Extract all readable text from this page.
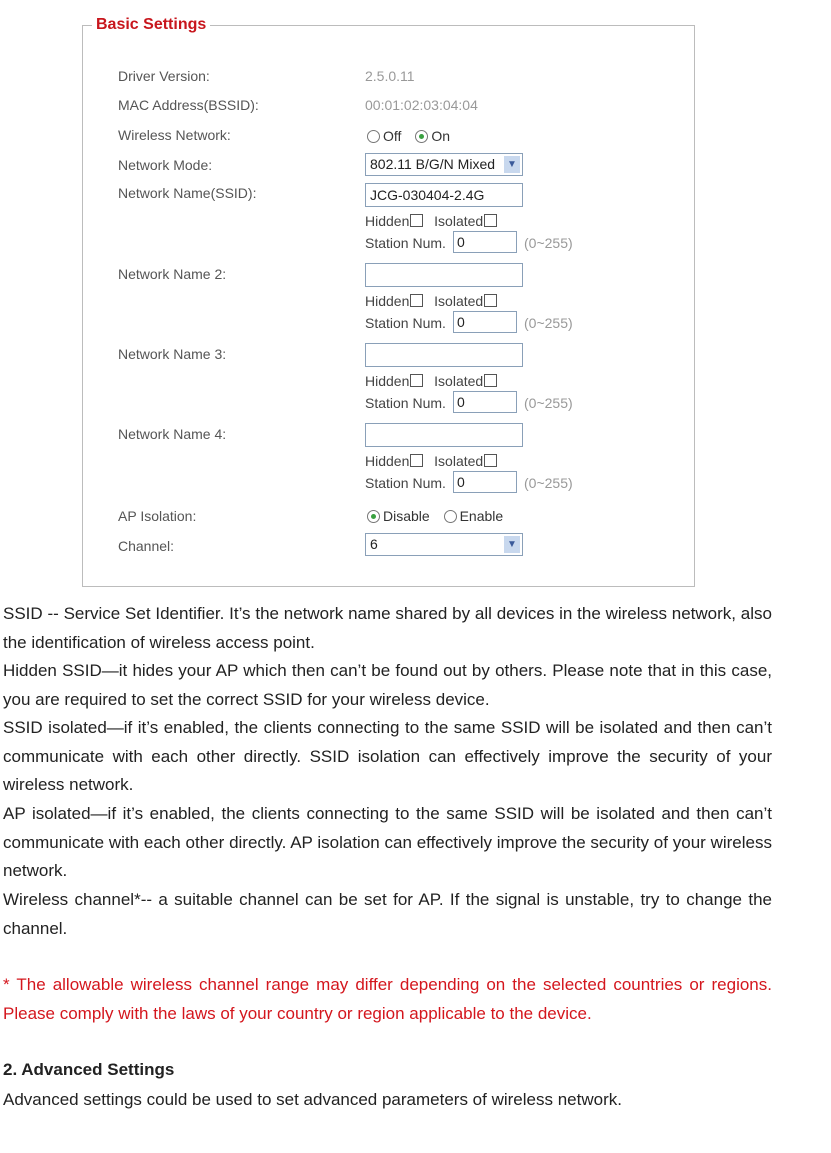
Basic Settings
Driver Version:	2.5.0.11
MAC Address(BSSID):	00:01:02:03:04:04
Wireless Network:	Off On
Network Mode:	802.11 B/G/N Mixed	▼
Network Name(SSID):	JCG-030404-2.4G
Hidden Isolated
Station Num. 0	(0~255)
Network Name 2:
Hidden Isolated
Station Num. 0	(0~255)
Network Name 3:
Hidden Isolated
Station Num. 0	(0~255)
Network Name 4:
Hidden Isolated
Station Num. 0	(0~255)
AP Isolation:	Disable Enable
Channel:	6	▼

SSID -- Service Set Identifier. It’s the network name shared by all devices in the wireless network, also the identification of wireless access point.

Hidden SSID—it hides your AP which then can’t be found out by others. Please note that in this case, you are required to set the correct SSID for your wireless device.

SSID isolated—if it’s enabled, the clients connecting to the same SSID will be isolated and then can’t communicate with each other directly. SSID isolation can effectively improve the security of your wireless network.

AP isolated—if it’s enabled, the clients connecting to the same SSID will be isolated and then can’t communicate with each other directly. AP isolation can effectively improve the security of your wireless network.

Wireless channel*-- a suitable channel can be set for AP. If the signal is unstable, try to change the channel.

* The allowable wireless channel range may differ depending on the selected countries or regions. Please comply with the laws of your country or region applicable to the device.

2. Advanced Settings

Advanced settings could be used to set advanced parameters of wireless network.
